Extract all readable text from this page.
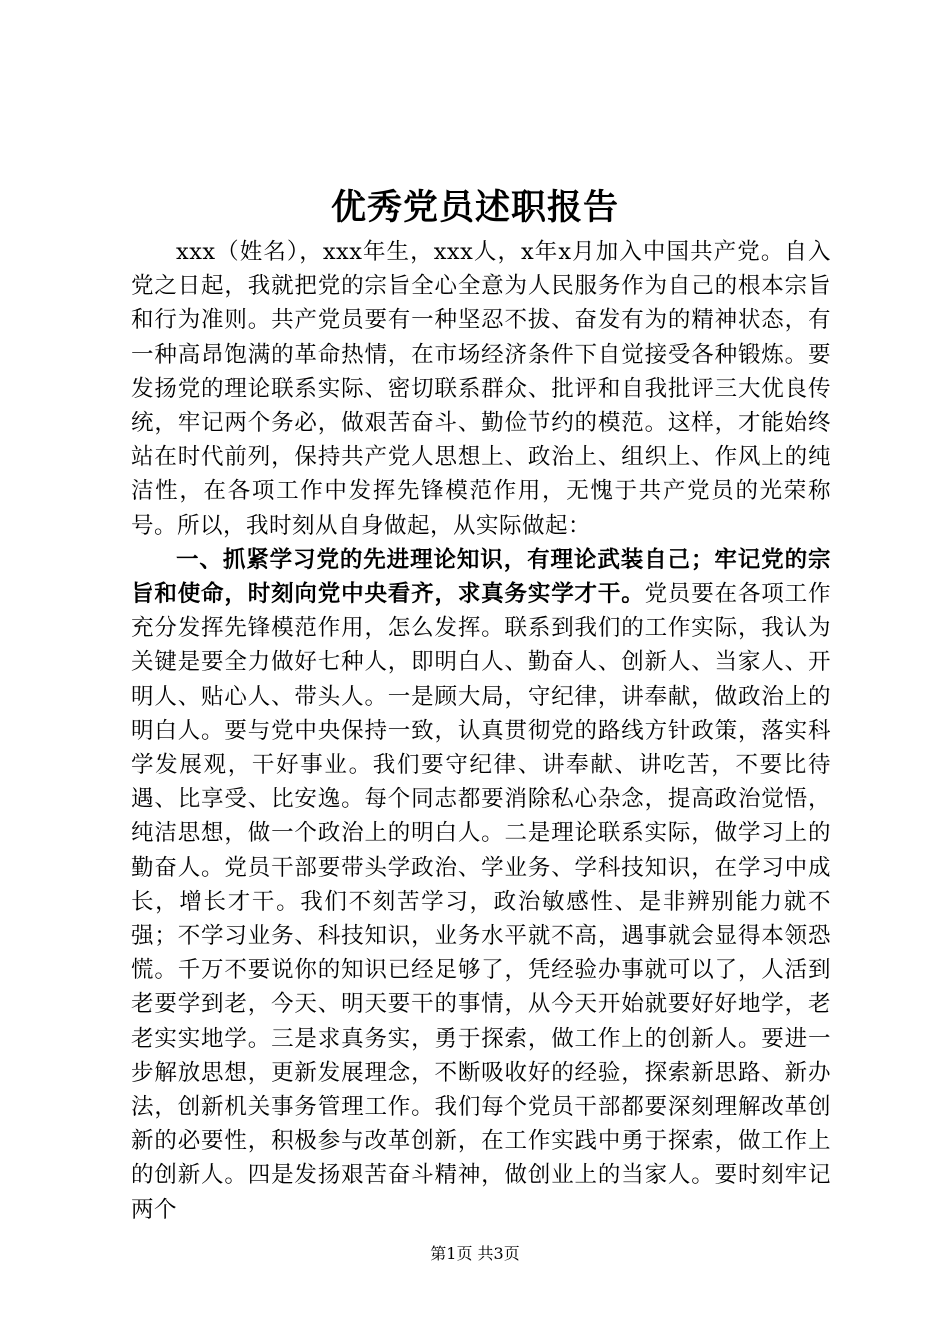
优秀党员述职报告

xxx（姓名），xxx年生，xxx人，x年x月加入中国共产党。自入党之日起，我就把党的宗旨全心全意为人民服务作为自己的根本宗旨和行为准则。共产党员要有一种坚忍不拔、奋发有为的精神状态，有一种高昂饱满的革命热情，在市场经济条件下自觉接受各种锻炼。要发扬党的理论联系实际、密切联系群众、批评和自我批评三大优良传统，牢记两个务必，做艰苦奋斗、勤俭节约的模范。这样，才能始终站在时代前列，保持共产党人思想上、政治上、组织上、作风上的纯洁性，在各项工作中发挥先锋模范作用，无愧于共产党员的光荣称号。所以，我时刻从自身做起，从实际做起：

一、抓紧学习党的先进理论知识，有理论武装自己；牢记党的宗旨和使命，时刻向党中央看齐，求真务实学才干。党员要在各项工作充分发挥先锋模范作用，怎么发挥。联系到我们的工作实际，我认为关键是要全力做好七种人，即明白人、勤奋人、创新人、当家人、开明人、贴心人、带头人。一是顾大局，守纪律，讲奉献，做政治上的明白人。要与党中央保持一致，认真贯彻党的路线方针政策，落实科学发展观，干好事业。我们要守纪律、讲奉献、讲吃苦，不要比待遇、比享受、比安逸。每个同志都要消除私心杂念，提高政治觉悟，纯洁思想，做一个政治上的明白人。二是理论联系实际，做学习上的勤奋人。党员干部要带头学政治、学业务、学科技知识，在学习中成长，增长才干。我们不刻苦学习，政治敏感性、是非辨别能力就不强；不学习业务、科技知识，业务水平就不高，遇事就会显得本领恐慌。千万不要说你的知识已经足够了，凭经验办事就可以了，人活到老要学到老，今天、明天要干的事情，从今天开始就要好好地学，老老实实地学。三是求真务实，勇于探索，做工作上的创新人。要进一步解放思想，更新发展理念，不断吸收好的经验，探索新思路、新办法，创新机关事务管理工作。我们每个党员干部都要深刻理解改革创新的必要性，积极参与改革创新，在工作实践中勇于探索，做工作上的创新人。四是发扬艰苦奋斗精神，做创业上的当家人。要时刻牢记两个

第1页 共3页
